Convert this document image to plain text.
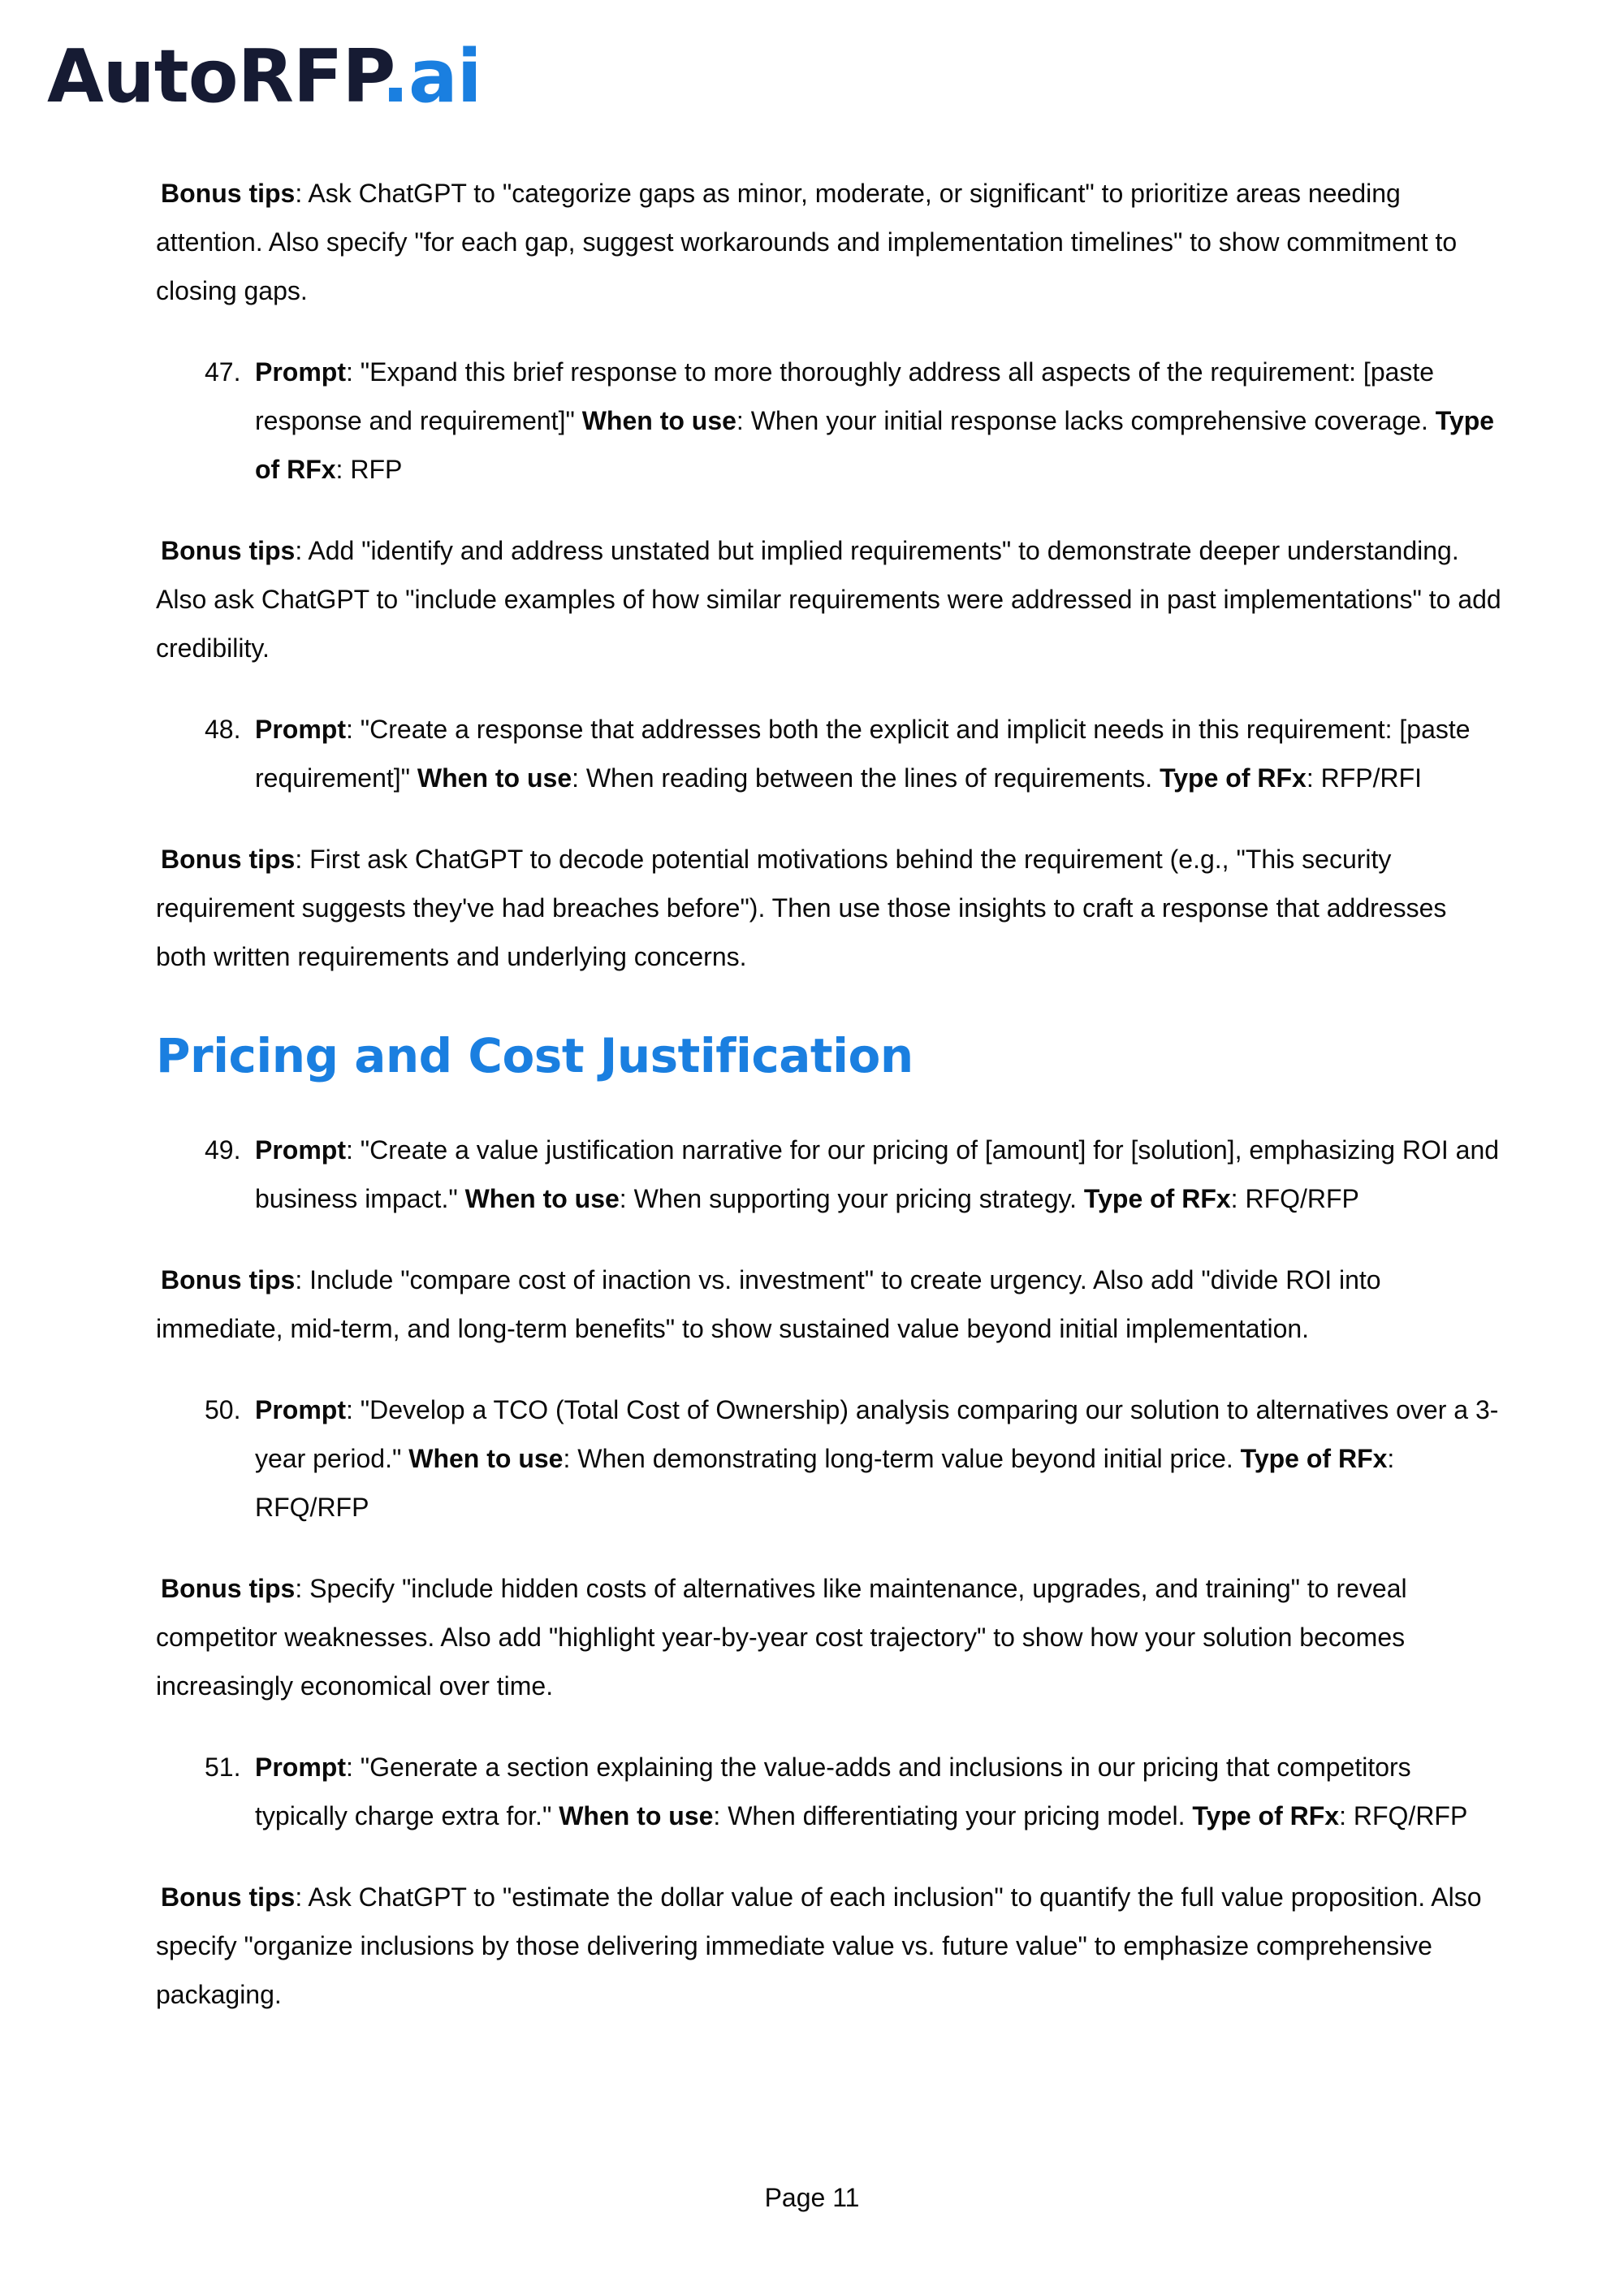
AutoRFP.ai

Bonus tips: Ask ChatGPT to "categorize gaps as minor, moderate, or significant" to prioritize areas needing attention. Also specify "for each gap, suggest workarounds and implementation timelines" to show commitment to closing gaps.

47. Prompt: "Expand this brief response to more thoroughly address all aspects of the requirement: [paste response and requirement]" When to use: When your initial response lacks comprehensive coverage. Type of RFx: RFP

Bonus tips: Add "identify and address unstated but implied requirements" to demonstrate deeper understanding. Also ask ChatGPT to "include examples of how similar requirements were addressed in past implementations" to add credibility.

48. Prompt: "Create a response that addresses both the explicit and implicit needs in this requirement: [paste requirement]" When to use: When reading between the lines of requirements. Type of RFx: RFP/RFI

Bonus tips: First ask ChatGPT to decode potential motivations behind the requirement (e.g., "This security requirement suggests they've had breaches before"). Then use those insights to craft a response that addresses both written requirements and underlying concerns.

Pricing and Cost Justification

49. Prompt: "Create a value justification narrative for our pricing of [amount] for [solution], emphasizing ROI and business impact." When to use: When supporting your pricing strategy. Type of RFx: RFQ/RFP

Bonus tips: Include "compare cost of inaction vs. investment" to create urgency. Also add "divide ROI into immediate, mid-term, and long-term benefits" to show sustained value beyond initial implementation.

50. Prompt: "Develop a TCO (Total Cost of Ownership) analysis comparing our solution to alternatives over a 3-year period." When to use: When demonstrating long-term value beyond initial price. Type of RFx: RFQ/RFP

Bonus tips: Specify "include hidden costs of alternatives like maintenance, upgrades, and training" to reveal competitor weaknesses. Also add "highlight year-by-year cost trajectory" to show how your solution becomes increasingly economical over time.

51. Prompt: "Generate a section explaining the value-adds and inclusions in our pricing that competitors typically charge extra for." When to use: When differentiating your pricing model. Type of RFx: RFQ/RFP

Bonus tips: Ask ChatGPT to "estimate the dollar value of each inclusion" to quantify the full value proposition. Also specify "organize inclusions by those delivering immediate value vs. future value" to emphasize comprehensive packaging.

Page 11
